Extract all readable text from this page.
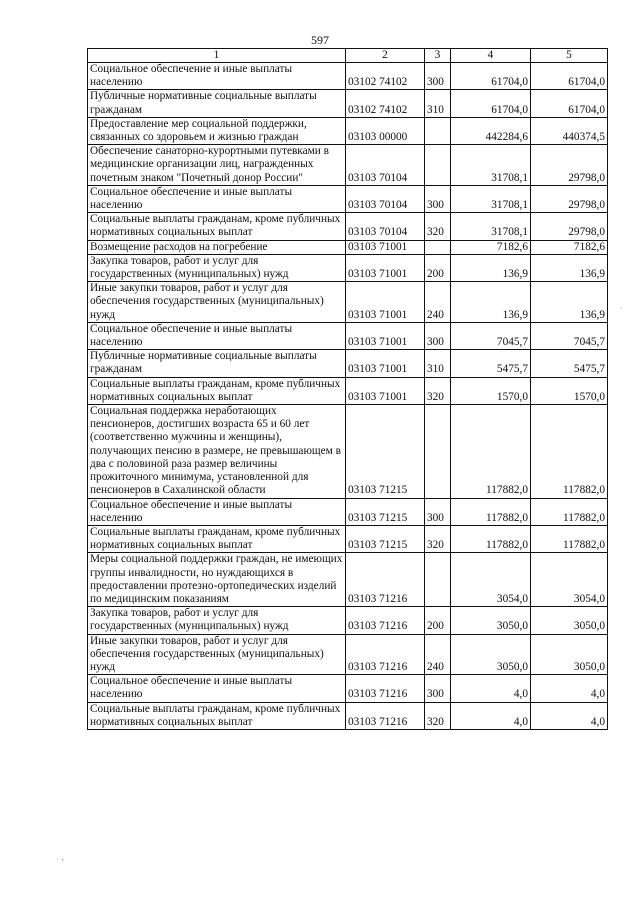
597
1	2	3	4	5
Социальное обеспечение и иные выплаты населению	03102 74102	300	61704,0	61704,0
Публичные нормативные социальные выплаты гражданам	03102 74102	310	61704,0	61704,0
Предоставление мер социальной поддержки, связанных со здоровьем и жизнью граждан	03103 00000		442284,6	440374,5
Обеспечение санаторно-курортными путевками в медицинские организации лиц, награжденных почетным знаком "Почетный донор России"	03103 70104		31708,1	29798,0
Социальное обеспечение и иные выплаты населению	03103 70104	300	31708,1	29798,0
Социальные выплаты гражданам, кроме публичных нормативных социальных выплат	03103 70104	320	31708,1	29798,0
Возмещение расходов на погребение	03103 71001		7182,6	7182,6
Закупка товаров, работ и услуг для государственных (муниципальных) нужд	03103 71001	200	136,9	136,9
Иные закупки товаров, работ и услуг для обеспечения государственных (муниципальных) нужд	03103 71001	240	136,9	136,9
Социальное обеспечение и иные выплаты населению	03103 71001	300	7045,7	7045,7
Публичные нормативные социальные выплаты гражданам	03103 71001	310	5475,7	5475,7
Социальные выплаты гражданам, кроме публичных нормативных социальных выплат	03103 71001	320	1570,0	1570,0
Социальная поддержка неработающих пенсионеров, достигших возраста 65 и 60 лет (соответственно мужчины и женщины), получающих пенсию в размере, не превышающем в два с половиной раза размер величины прожиточного минимума, установленной для пенсионеров в Сахалинской области	03103 71215		117882,0	117882,0
Социальное обеспечение и иные выплаты населению	03103 71215	300	117882,0	117882,0
Социальные выплаты гражданам, кроме публичных нормативных социальных выплат	03103 71215	320	117882,0	117882,0
Меры социальной поддержки граждан, не имеющих группы инвалидности, но нуждающихся в предоставлении протезно-ортопедических изделий по медицинским показаниям	03103 71216		3054,0	3054,0
Закупка товаров, работ и услуг для государственных (муниципальных) нужд	03103 71216	200	3050,0	3050,0
Иные закупки товаров, работ и услуг для обеспечения государственных (муниципальных) нужд	03103 71216	240	3050,0	3050,0
Социальное обеспечение и иные выплаты населению	03103 71216	300	4,0	4,0
Социальные выплаты гражданам, кроме публичных нормативных социальных выплат	03103 71216	320	4,0	4,0
· ‹
,
